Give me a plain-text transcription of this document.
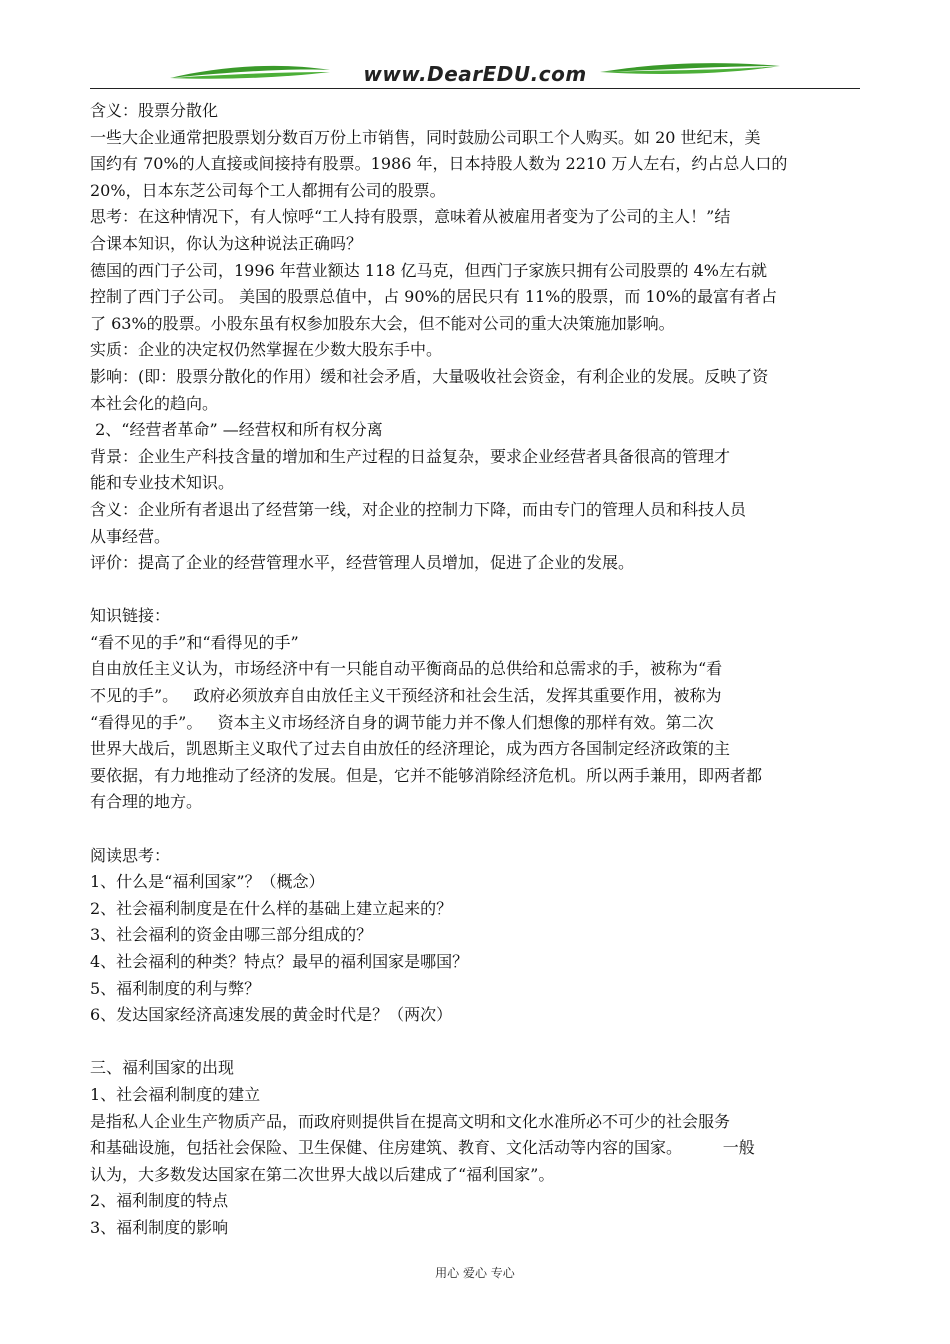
www.DearEDU.com
含义：股票分散化
一些大企业通常把股票划分数百万份上市销售，同时鼓励公司职工个人购买。如 20 世纪末，美
国约有 70%的人直接或间接持有股票。1986 年，日本持股人数为 2210 万人左右，约占总人口的
20%，日本东芝公司每个工人都拥有公司的股票。
思考：在这种情况下，有人惊呼“工人持有股票，意味着从被雇用者变为了公司的主人！”结
合课本知识，你认为这种说法正确吗？
德国的西门子公司，1996 年营业额达 118 亿马克，但西门子家族只拥有公司股票的 4%左右就
控制了西门子公司。 美国的股票总值中，占 90%的居民只有 11%的股票，而 10%的最富有者占
了 63%的股票。小股东虽有权参加股东大会，但不能对公司的重大决策施加影响。
实质：企业的决定权仍然掌握在少数大股东手中。
影响：(即：股票分散化的作用）缓和社会矛盾，大量吸收社会资金，有利企业的发展。反映了资
本社会化的趋向。
2、“经营者革命” —经营权和所有权分离
背景：企业生产科技含量的增加和生产过程的日益复杂，要求企业经营者具备很高的管理才
能和专业技术知识。
含义：企业所有者退出了经营第一线，对企业的控制力下降，而由专门的管理人员和科技人员
从事经营。
评价：提高了企业的经营管理水平，经营管理人员增加，促进了企业的发展。
知识链接：
“看不见的手”和“看得见的手”
自由放任主义认为，市场经济中有一只能自动平衡商品的总供给和总需求的手，被称为“看
不见的手”。   政府必须放弃自由放任主义干预经济和社会生活，发挥其重要作用，被称为
“看得见的手”。   资本主义市场经济自身的调节能力并不像人们想像的那样有效。第二次
世界大战后，凯恩斯主义取代了过去自由放任的经济理论，成为西方各国制定经济政策的主
要依据，有力地推动了经济的发展。但是，它并不能够消除经济危机。所以两手兼用，即两者都
有合理的地方。
阅读思考：
1、什么是“福利国家”？（概念）
2、社会福利制度是在什么样的基础上建立起来的？
3、社会福利的资金由哪三部分组成的？
4、社会福利的种类？特点？最早的福利国家是哪国？
5、福利制度的利与弊？
6、发达国家经济高速发展的黄金时代是？（两次）
三、福利国家的出现
1、社会福利制度的建立
是指私人企业生产物质产品，而政府则提供旨在提高文明和文化水准所必不可少的社会服务
和基础设施，包括社会保险、卫生保健、住房建筑、教育、文化活动等内容的国家。        一般
认为，大多数发达国家在第二次世界大战以后建成了“福利国家”。
2、福利制度的特点
3、福利制度的影响
用心 爱心 专心
